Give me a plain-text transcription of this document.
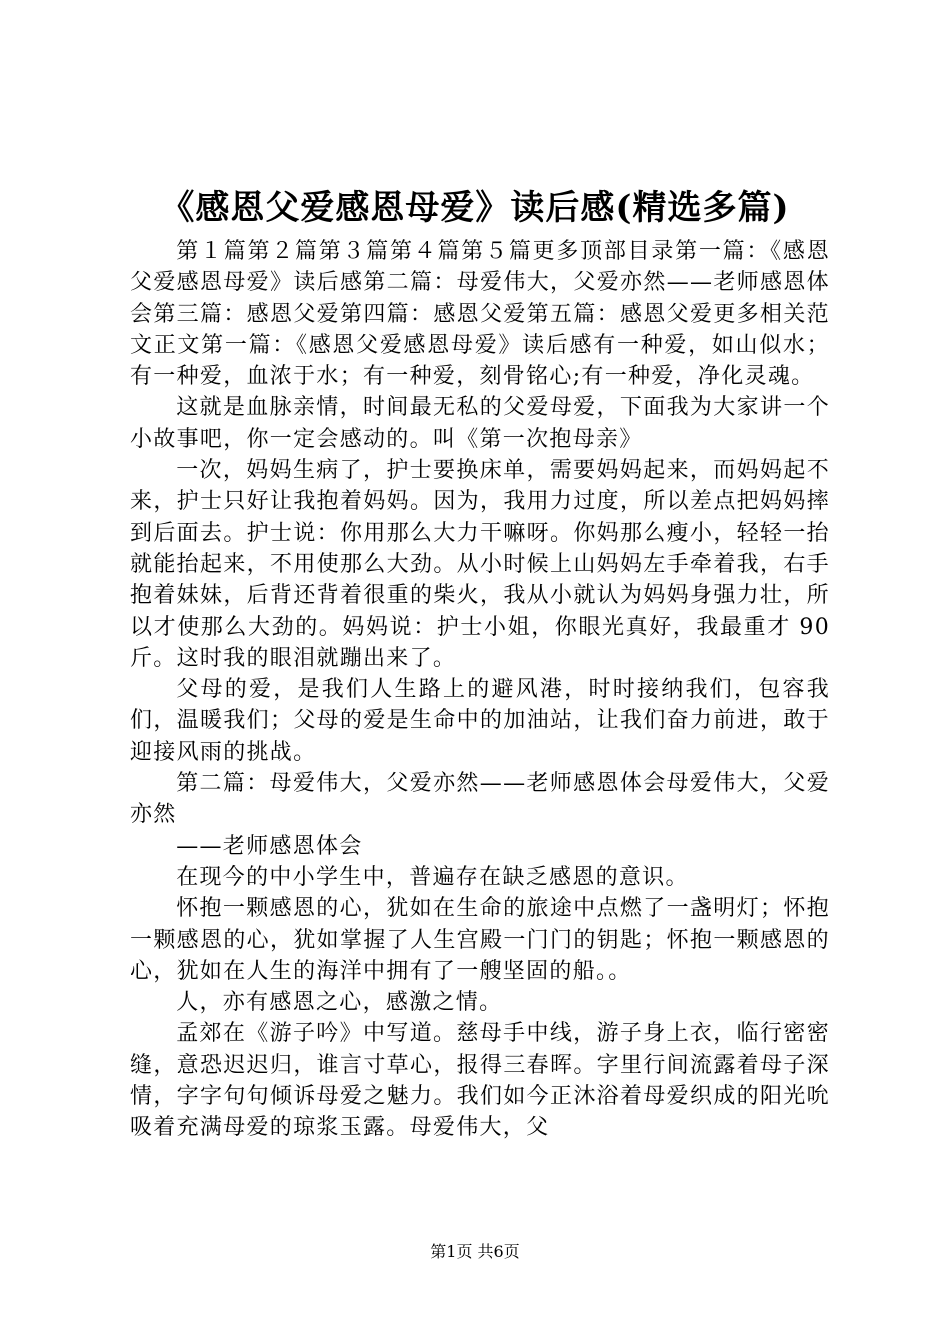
《感恩父爱感恩母爱》读后感(精选多篇)

第１篇第２篇第３篇第４篇第５篇更多顶部目录第一篇：《感恩父爱感恩母爱》读后感第二篇：母爱伟大，父爱亦然——老师感恩体会第三篇：感恩父爱第四篇：感恩父爱第五篇：感恩父爱更多相关范文正文第一篇：《感恩父爱感恩母爱》读后感有一种爱，如山似水；有一种爱，血浓于水；有一种爱，刻骨铭心;有一种爱，净化灵魂。

这就是血脉亲情，时间最无私的父爱母爱，下面我为大家讲一个小故事吧，你一定会感动的。叫《第一次抱母亲》

一次，妈妈生病了，护士要换床单，需要妈妈起来，而妈妈起不来，护士只好让我抱着妈妈。因为，我用力过度，所以差点把妈妈摔到后面去。护士说：你用那么大力干嘛呀。你妈那么瘦小，轻轻一抬就能抬起来，不用使那么大劲。从小时候上山妈妈左手牵着我，右手抱着妹妹，后背还背着很重的柴火，我从小就认为妈妈身强力壮，所以才使那么大劲的。妈妈说：护士小姐，你眼光真好，我最重才 90 斤。这时我的眼泪就蹦出来了。

父母的爱，是我们人生路上的避风港，时时接纳我们，包容我们，温暖我们；父母的爱是生命中的加油站，让我们奋力前进，敢于迎接风雨的挑战。

第二篇：母爱伟大，父爱亦然——老师感恩体会母爱伟大，父爱亦然

——老师感恩体会

在现今的中小学生中，普遍存在缺乏感恩的意识。

怀抱一颗感恩的心，犹如在生命的旅途中点燃了一盏明灯；怀抱一颗感恩的心，犹如掌握了人生宫殿一门门的钥匙；怀抱一颗感恩的心，犹如在人生的海洋中拥有了一艘坚固的船。。

人，亦有感恩之心，感激之情。

孟郊在《游子吟》中写道。慈母手中线，游子身上衣，临行密密缝，意恐迟迟归，谁言寸草心，报得三春晖。字里行间流露着母子深情，字字句句倾诉母爱之魅力。我们如今正沐浴着母爱织成的阳光吮吸着充满母爱的琼浆玉露。母爱伟大，父

第1页 共6页
